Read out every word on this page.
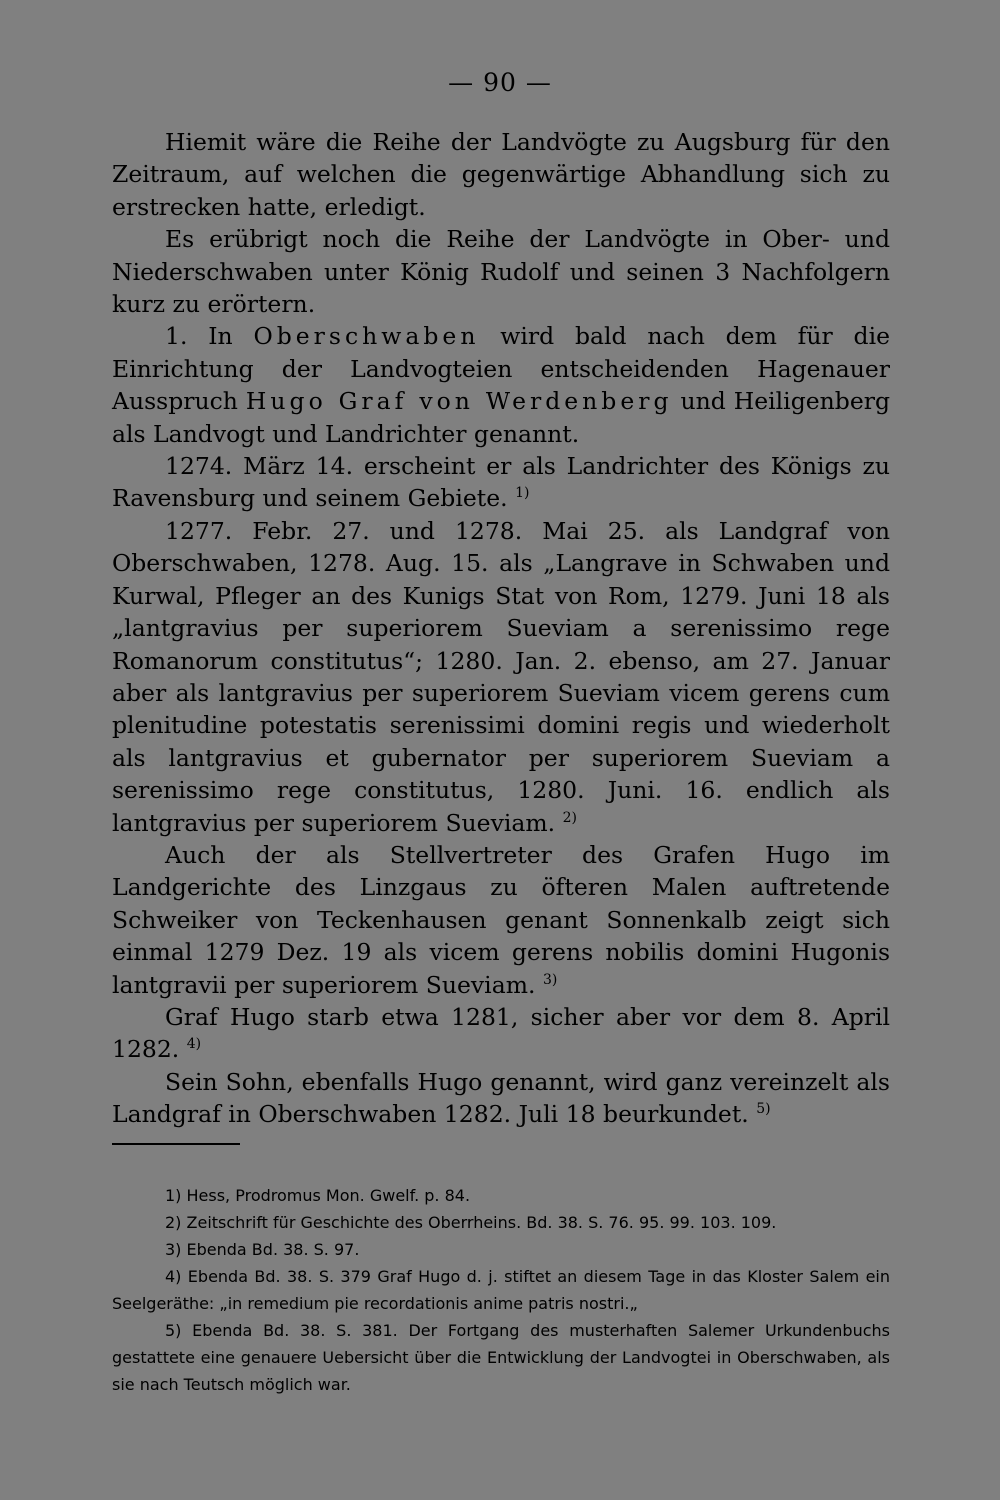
— 90 —

Hiemit wäre die Reihe der Landvögte zu Augsburg für den Zeitraum, auf welchen die gegenwärtige Abhandlung sich zu erstrecken hatte, erledigt.

Es erübrigt noch die Reihe der Landvögte in Ober- und Niederschwaben unter König Rudolf und seinen 3 Nachfolgern kurz zu erörtern.

1. In Oberschwaben wird bald nach dem für die Einrichtung der Landvogteien entscheidenden Hagenauer Ausspruch Hugo Graf von Werdenberg und Heiligenberg als Landvogt und Landrichter genannt.

1274. März 14. erscheint er als Landrichter des Königs zu Ravensburg und seinem Gebiete. $^{1)}$

1277. Febr. 27. und 1278. Mai 25. als Landgraf von Oberschwaben, 1278. Aug. 15. als „Langrave in Schwaben und Kurwal, Pfleger an des Kunigs Stat von Rom, 1279. Juni 18 als „lantgravius per superiorem Sueviam a serenissimo rege Romanorum constitutus“; 1280. Jan. 2. ebenso, am 27. Januar aber als lantgravius per superiorem Sueviam vicem gerens cum plenitudine potestatis serenissimi domini regis und wiederholt als lantgravius et gubernator per superiorem Sueviam a serenissimo rege constitutus, 1280. Juni. 16. endlich als lantgravius per superiorem Sueviam. $^{2)}$

Auch der als Stellvertreter des Grafen Hugo im Landgerichte des Linzgaus zu öfteren Malen auftretende Schweiker von Teckenhausen genant Sonnenkalb zeigt sich einmal 1279 Dez. 19 als vicem gerens nobilis domini Hugonis lantgravii per superiorem Sueviam. $^{3)}$

Graf Hugo starb etwa 1281, sicher aber vor dem 8. April 1282. $^{4)}$

Sein Sohn, ebenfalls Hugo genannt, wird ganz vereinzelt als Landgraf in Oberschwaben 1282. Juli 18 beurkundet. $^{5)}$

1) Hess, Prodromus Mon. Gwelf. p. 84.

2) Zeitschrift für Geschichte des Oberrheins. Bd. 38. S. 76. 95. 99. 103. 109.

3) Ebenda Bd. 38. S. 97.

4) Ebenda Bd. 38. S. 379 Graf Hugo d. j. stiftet an diesem Tage in das Kloster Salem ein Seelgeräthe: „in remedium pie recordationis anime patris nostri.„

5) Ebenda Bd. 38. S. 381. Der Fortgang des musterhaften Salemer Urkundenbuchs gestattete eine genauere Uebersicht über die Entwicklung der Landvogtei in Oberschwaben, als sie nach Teutsch möglich war.
